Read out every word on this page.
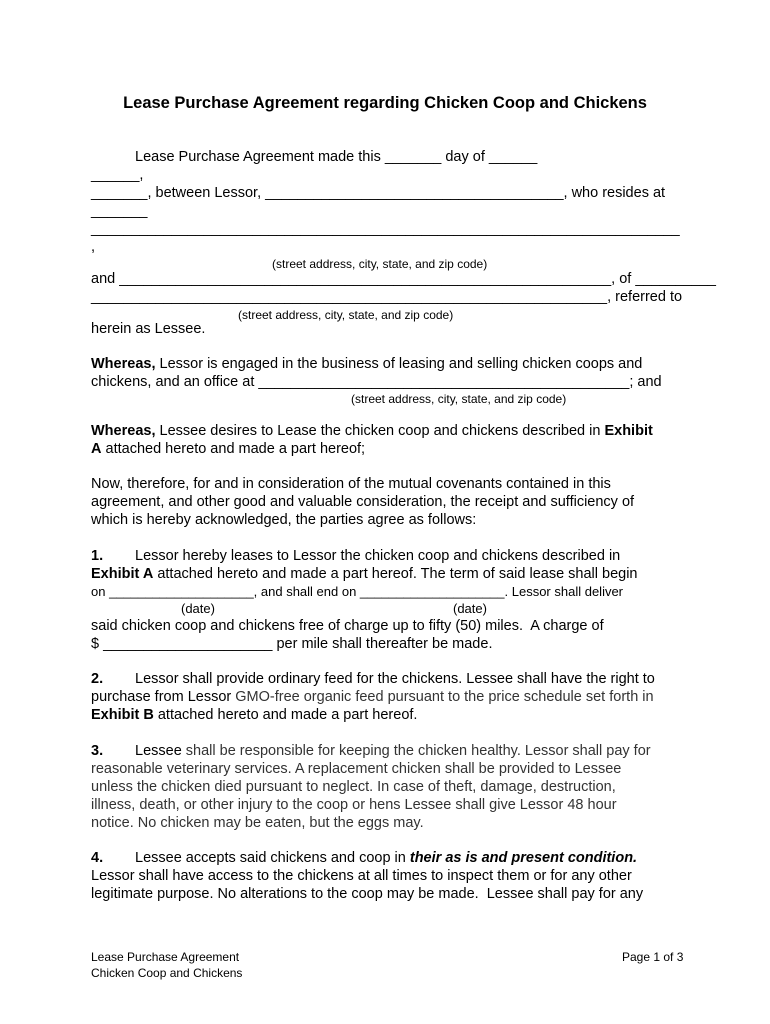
Lease Purchase Agreement regarding Chicken Coop and Chickens
Lease Purchase Agreement made this _______ day of ______
______,
_______, between Lessor, _____________________________________, who resides at
_______
_________________________________________________________________________
,
(street address, city, state, and zip code)
and _____________________________________________________________, of __________
________________________________________________________________, referred to
(street address, city, state, and zip code)
herein as Lessee.
Whereas, Lessor is engaged in the business of leasing and selling chicken coops and
chickens, and an office at ______________________________________________; and
(street address, city, state, and zip code)
Whereas, Lessee desires to Lease the chicken coop and chickens described in Exhibit
A attached hereto and made a part hereof;
Now, therefore, for and in consideration of the mutual covenants contained in this
agreement, and other good and valuable consideration, the receipt and sufficiency of
which is hereby acknowledged, the parties agree as follows:
1. Lessor hereby leases to Lessor the chicken coop and chickens described in
Exhibit A attached hereto and made a part hereof. The term of said lease shall begin
on ____________________, and shall end on ____________________. Lessor shall deliver
(date)	(date)
said chicken coop and chickens free of charge up to fifty (50) miles.  A charge of
$ _____________________ per mile shall thereafter be made.
2. Lessor shall provide ordinary feed for the chickens. Lessee shall have the right to
purchase from Lessor GMO-free organic feed pursuant to the price schedule set forth in
Exhibit B attached hereto and made a part hereof.
3. Lessee shall be responsible for keeping the chicken healthy. Lessor shall pay for
reasonable veterinary services. A replacement chicken shall be provided to Lessee
unless the chicken died pursuant to neglect. In case of theft, damage, destruction,
illness, death, or other injury to the coop or hens Lessee shall give Lessor 48 hour
notice. No chicken may be eaten, but the eggs may.
4. Lessee accepts said chickens and coop in their as is and present condition.
Lessor shall have access to the chickens at all times to inspect them or for any other
legitimate purpose. No alterations to the coop may be made.  Lessee shall pay for any
Lease Purchase Agreement
Chicken Coop and Chickens
Page 1 of 3
